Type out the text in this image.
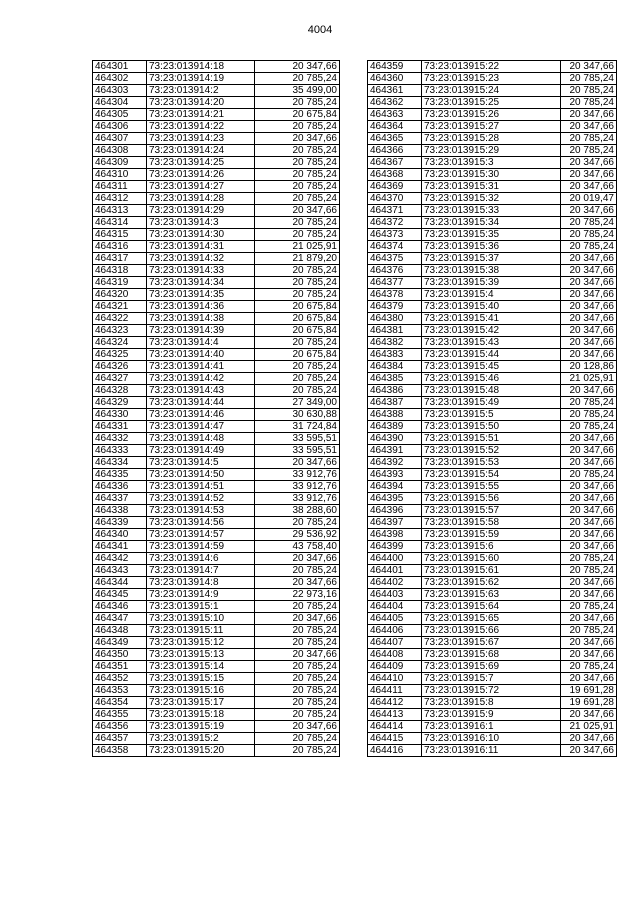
4004
464301	73:23:013914:18	20 347,66
464302	73:23:013914:19	20 785,24
464303	73:23:013914:2	35 499,00
464304	73:23:013914:20	20 785,24
464305	73:23:013914:21	20 675,84
464306	73:23:013914:22	20 785,24
464307	73:23:013914:23	20 347,66
464308	73:23:013914:24	20 785,24
464309	73:23:013914:25	20 785,24
464310	73:23:013914:26	20 785,24
464311	73:23:013914:27	20 785,24
464312	73:23:013914:28	20 785,24
464313	73:23:013914:29	20 347,66
464314	73:23:013914:3	20 785,24
464315	73:23:013914:30	20 785,24
464316	73:23:013914:31	21 025,91
464317	73:23:013914:32	21 879,20
464318	73:23:013914:33	20 785,24
464319	73:23:013914:34	20 785,24
464320	73:23:013914:35	20 785,24
464321	73:23:013914:36	20 675,84
464322	73:23:013914:38	20 675,84
464323	73:23:013914:39	20 675,84
464324	73:23:013914:4	20 785,24
464325	73:23:013914:40	20 675,84
464326	73:23:013914:41	20 785,24
464327	73:23:013914:42	20 785,24
464328	73:23:013914:43	20 785,24
464329	73:23:013914:44	27 349,00
464330	73:23:013914:46	30 630,88
464331	73:23:013914:47	31 724,84
464332	73:23:013914:48	33 595,51
464333	73:23:013914:49	33 595,51
464334	73:23:013914:5	20 347,66
464335	73:23:013914:50	33 912,76
464336	73:23:013914:51	33 912,76
464337	73:23:013914:52	33 912,76
464338	73:23:013914:53	38 288,60
464339	73:23:013914:56	20 785,24
464340	73:23:013914:57	29 536,92
464341	73:23:013914:59	43 758,40
464342	73:23:013914:6	20 347,66
464343	73:23:013914:7	20 785,24
464344	73:23:013914:8	20 347,66
464345	73:23:013914:9	22 973,16
464346	73:23:013915:1	20 785,24
464347	73:23:013915:10	20 347,66
464348	73:23:013915:11	20 785,24
464349	73:23:013915:12	20 785,24
464350	73:23:013915:13	20 347,66
464351	73:23:013915:14	20 785,24
464352	73:23:013915:15	20 785,24
464353	73:23:013915:16	20 785,24
464354	73:23:013915:17	20 785,24
464355	73:23:013915:18	20 785,24
464356	73:23:013915:19	20 347,66
464357	73:23:013915:2	20 785,24
464358	73:23:013915:20	20 785,24
464359	73:23:013915:22	20 347,66
464360	73:23:013915:23	20 785,24
464361	73:23:013915:24	20 785,24
464362	73:23:013915:25	20 785,24
464363	73:23:013915:26	20 347,66
464364	73:23:013915:27	20 347,66
464365	73:23:013915:28	20 785,24
464366	73:23:013915:29	20 785,24
464367	73:23:013915:3	20 347,66
464368	73:23:013915:30	20 347,66
464369	73:23:013915:31	20 347,66
464370	73:23:013915:32	20 019,47
464371	73:23:013915:33	20 347,66
464372	73:23:013915:34	20 785,24
464373	73:23:013915:35	20 785,24
464374	73:23:013915:36	20 785,24
464375	73:23:013915:37	20 347,66
464376	73:23:013915:38	20 347,66
464377	73:23:013915:39	20 347,66
464378	73:23:013915:4	20 347,66
464379	73:23:013915:40	20 347,66
464380	73:23:013915:41	20 347,66
464381	73:23:013915:42	20 347,66
464382	73:23:013915:43	20 347,66
464383	73:23:013915:44	20 347,66
464384	73:23:013915:45	20 128,86
464385	73:23:013915:46	21 025,91
464386	73:23:013915:48	20 347,66
464387	73:23:013915:49	20 785,24
464388	73:23:013915:5	20 785,24
464389	73:23:013915:50	20 785,24
464390	73:23:013915:51	20 347,66
464391	73:23:013915:52	20 347,66
464392	73:23:013915:53	20 347,66
464393	73:23:013915:54	20 785,24
464394	73:23:013915:55	20 347,66
464395	73:23:013915:56	20 347,66
464396	73:23:013915:57	20 347,66
464397	73:23:013915:58	20 347,66
464398	73:23:013915:59	20 347,66
464399	73:23:013915:6	20 347,66
464400	73:23:013915:60	20 785,24
464401	73:23:013915:61	20 785,24
464402	73:23:013915:62	20 347,66
464403	73:23:013915:63	20 347,66
464404	73:23:013915:64	20 785,24
464405	73:23:013915:65	20 347,66
464406	73:23:013915:66	20 785,24
464407	73:23:013915:67	20 347,66
464408	73:23:013915:68	20 347,66
464409	73:23:013915:69	20 785,24
464410	73:23:013915:7	20 347,66
464411	73:23:013915:72	19 691,28
464412	73:23:013915:8	19 691,28
464413	73:23:013915:9	20 347,66
464414	73:23:013916:1	21 025,91
464415	73:23:013916:10	20 347,66
464416	73:23:013916:11	20 347,66
